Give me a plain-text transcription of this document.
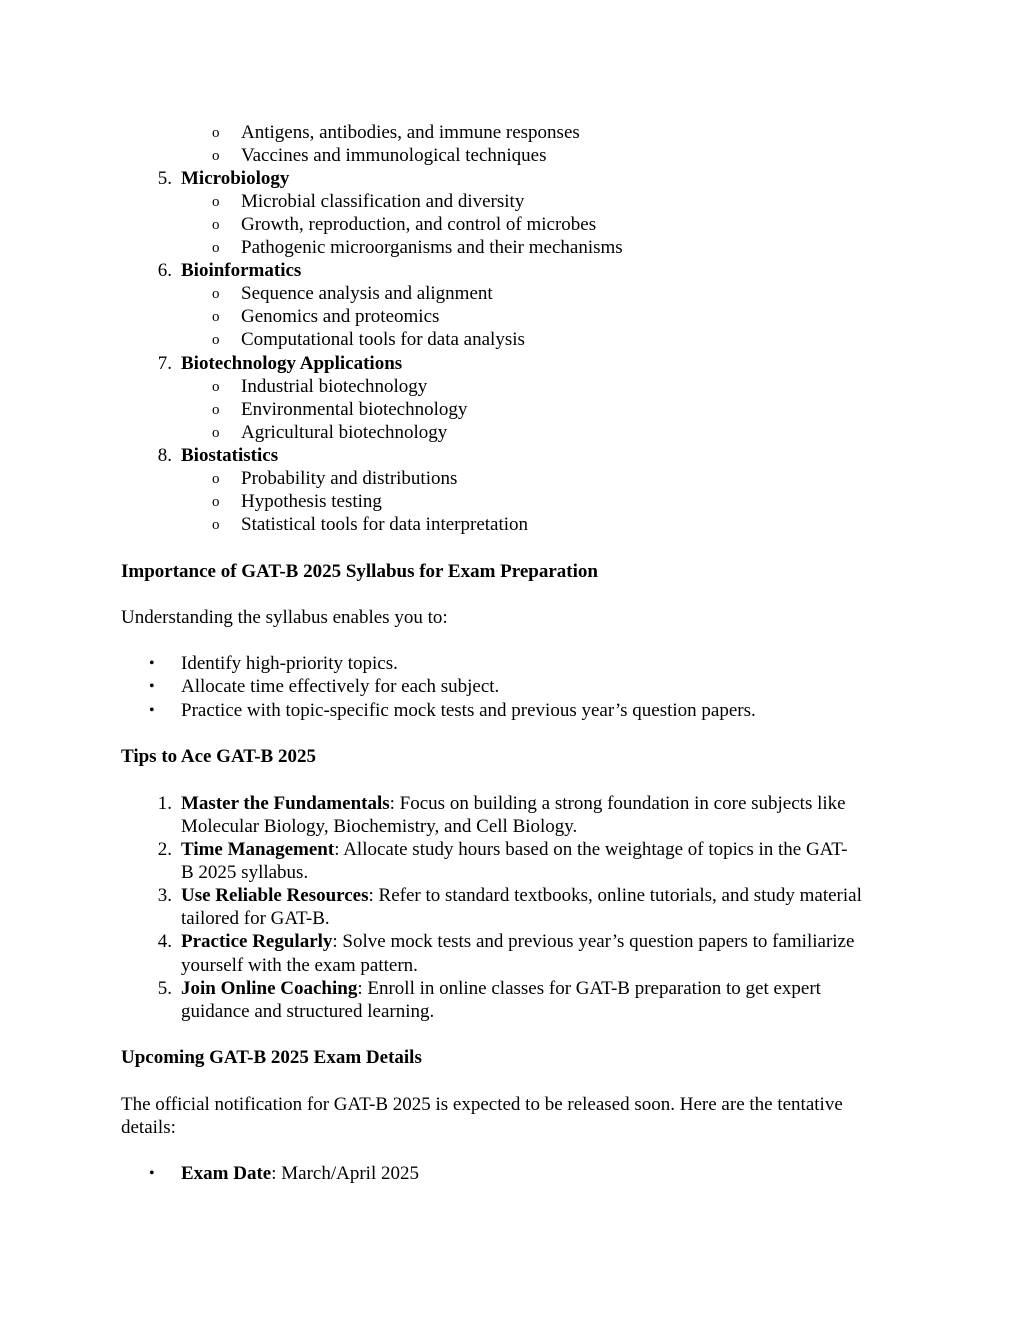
o Antigens, antibodies, and immune responses
o Vaccines and immunological techniques
5. Microbiology
o Microbial classification and diversity
o Growth, reproduction, and control of microbes
o Pathogenic microorganisms and their mechanisms
6. Bioinformatics
o Sequence analysis and alignment
o Genomics and proteomics
o Computational tools for data analysis
7. Biotechnology Applications
o Industrial biotechnology
o Environmental biotechnology
o Agricultural biotechnology
8. Biostatistics
o Probability and distributions
o Hypothesis testing
o Statistical tools for data interpretation
Importance of GAT-B 2025 Syllabus for Exam Preparation
Understanding the syllabus enables you to:
• Identify high-priority topics.
• Allocate time effectively for each subject.
• Practice with topic-specific mock tests and previous year’s question papers.
Tips to Ace GAT-B 2025
1. Master the Fundamentals: Focus on building a strong foundation in core subjects like
Molecular Biology, Biochemistry, and Cell Biology.
2. Time Management: Allocate study hours based on the weightage of topics in the GAT-
B 2025 syllabus.
3. Use Reliable Resources: Refer to standard textbooks, online tutorials, and study material
tailored for GAT-B.
4. Practice Regularly: Solve mock tests and previous year’s question papers to familiarize
yourself with the exam pattern.
5. Join Online Coaching: Enroll in online classes for GAT-B preparation to get expert
guidance and structured learning.
Upcoming GAT-B 2025 Exam Details
The official notification for GAT-B 2025 is expected to be released soon. Here are the tentative
details:
• Exam Date: March/April 2025
